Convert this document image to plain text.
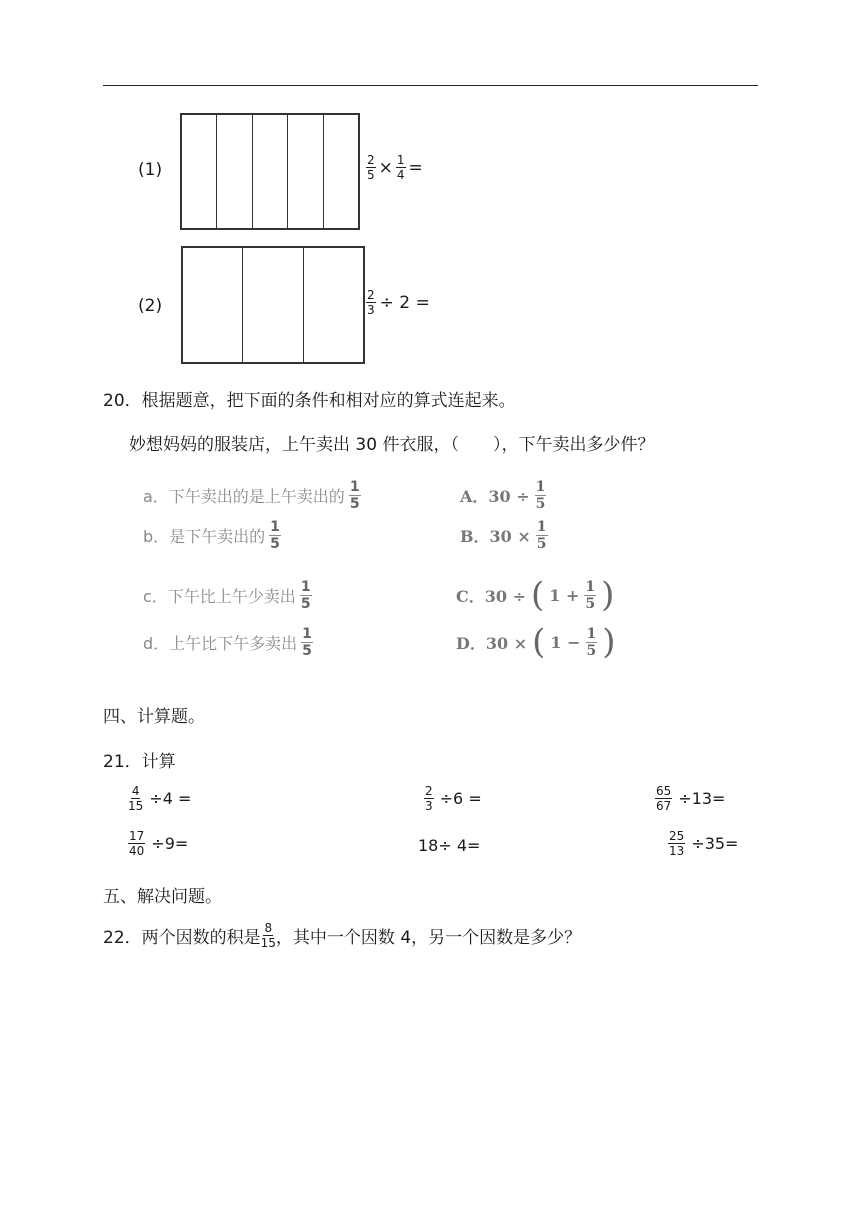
(1)	$\frac{2}{5} \times \frac{1}{4}$ =
(2)	$\frac{2}{3} \div 2$ =
20．根据题意，把下面的条件和相对应的算式连起来。
妙想妈妈的服装店，上午卖出 30 件衣服，（　　），下午卖出多少件？
a．下午卖出的是上午卖出的 $\frac{1}{5}$
b．是下午卖出的 $\frac{1}{5}$
c．下午比上午少卖出 $\frac{1}{5}$
d．上午比下午多卖出 $\frac{1}{5}$
A．$30 \div \frac{1}{5}$
B．$30 \times \frac{1}{5}$
C．30 ÷ ( $1 + \frac{1}{5}$ )
D．30 × ( $1 - \frac{1}{5}$ )
四、计算题。
21．计算
$\frac{4}{15} \div 4$ =	$\frac{2}{3} \div 6$ =	$\frac{65}{67} \div 13=$
$\frac{17}{40} \div 9=$	18÷ 4=	$\frac{25}{13} \div 35=$
五、解决问题。
22．两个因数的积是 $\frac{8}{15}$ ，其中一个因数 4，另一个因数是多少？
